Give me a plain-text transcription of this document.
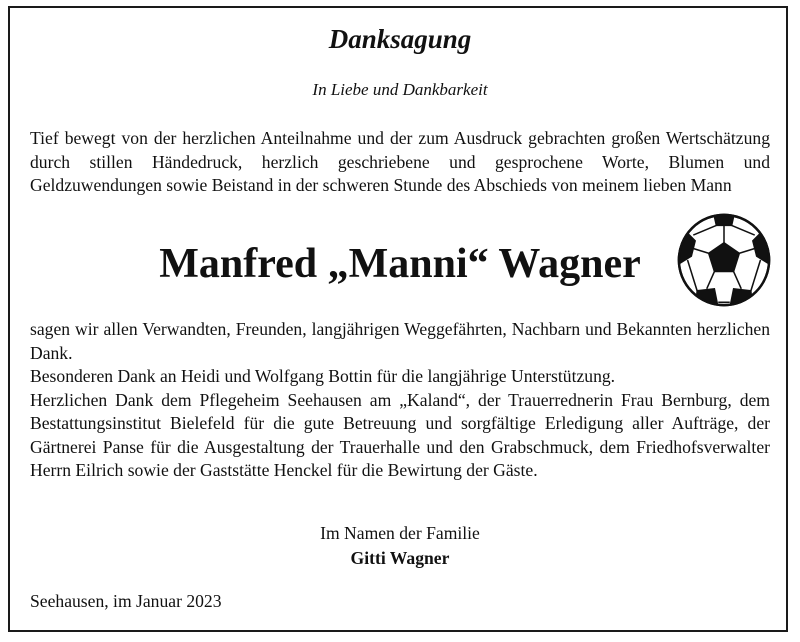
Danksagung
In Liebe und Dankbarkeit

Tief bewegt von der herzlichen Anteilnahme und der zum Ausdruck gebrachten großen Wertschätzung durch stillen Händedruck, herzlich geschriebene und gesprochene Worte, Blumen und Geldzuwendungen sowie Beistand in der schweren Stunde des Abschieds von meinem lieben Mann

Manfred „Manni“ Wagner
sagen wir allen Verwandten, Freunden, langjährigen Weggefährten, Nachbarn und Bekannten herzlichen Dank.
Besonderen Dank an Heidi und Wolfgang Bottin für die langjährige Unterstützung.
Herzlichen Dank dem Pflegeheim Seehausen am „Kaland“, der Trauerrednerin Frau Bernburg, dem Bestattungsinstitut Bielefeld für die gute Betreuung und sorgfältige Erledigung aller Aufträge, der Gärtnerei Panse für die Ausgestaltung der Trauerhalle und den Grabschmuck, dem Friedhofsverwalter Herrn Eilrich sowie der Gaststätte Henckel für die Bewirtung der Gäste.
Im Namen der Familie
Gitti Wagner
Seehausen, im Januar 2023
